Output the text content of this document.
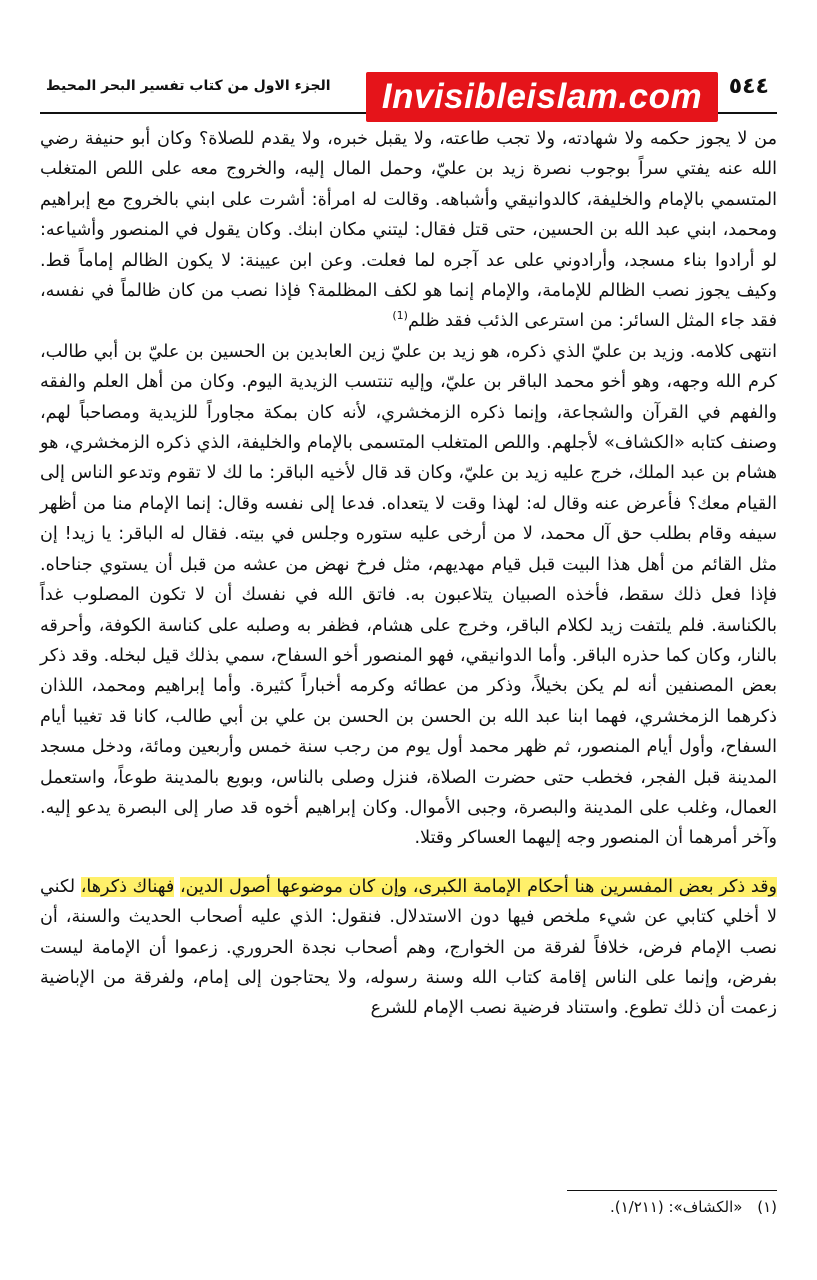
٥٤٤
الجزء الاول من كتاب تفسير البحر المحيط	Invisibleislam.com

من لا يجوز حكمه ولا شهادته، ولا تجب طاعته، ولا يقبل خبره، ولا يقدم للصلاة؟ وكان أبو حنيفة رضي الله عنه يفتي سراً بوجوب نصرة زيد بن عليّ، وحمل المال إليه، والخروج معه على اللص المتغلب المتسمي بالإمام والخليفة، كالدوانيقي وأشباهه. وقالت له امرأة: أشرت على ابني بالخروج مع إبراهيم ومحمد، ابني عبد الله بن الحسين، حتى قتل فقال: ليتني مكان ابنك. وكان يقول في المنصور وأشياعه: لو أرادوا بناء مسجد، وأرادوني على عد آجره لما فعلت. وعن ابن عيينة: لا يكون الظالم إماماً قط. وكيف يجوز نصب الظالم للإمامة، والإمام إنما هو لكف المظلمة؟ فإذا نصب من كان ظالماً في نفسه، فقد جاء المثل السائر: من استرعى الذئب فقد ظلم$^{(1)}$

انتهى كلامه. وزيد بن عليّ الذي ذكره، هو زيد بن عليّ زين العابدين بن الحسين بن عليّ بن أبي طالب، كرم الله وجهه، وهو أخو محمد الباقر بن عليّ، وإليه تنتسب الزيدية اليوم. وكان من أهل العلم والفقه والفهم في القرآن والشجاعة، وإنما ذكره الزمخشري، لأنه كان بمكة مجاوراً للزيدية ومصاحباً لهم، وصنف كتابه «الكشاف» لأجلهم. واللص المتغلب المتسمى بالإمام والخليفة، الذي ذكره الزمخشري، هو هشام بن عبد الملك، خرج عليه زيد بن عليّ، وكان قد قال لأخيه الباقر: ما لك لا تقوم وتدعو الناس إلى القيام معك؟ فأعرض عنه وقال له: لهذا وقت لا يتعداه. فدعا إلى نفسه وقال: إنما الإمام منا من أظهر سيفه وقام بطلب حق آل محمد، لا من أرخى عليه ستوره وجلس في بيته. فقال له الباقر: يا زيد! إن مثل القائم من أهل هذا البيت قبل قيام مهديهم، مثل فرخ نهض من عشه من قبل أن يستوي جناحاه. فإذا فعل ذلك سقط، فأخذه الصبيان يتلاعبون به. فاتق الله في نفسك أن لا تكون المصلوب غداً بالكناسة. فلم يلتفت زيد لكلام الباقر، وخرج على هشام، فظفر به وصلبه على كناسة الكوفة، وأحرقه بالنار، وكان كما حذره الباقر. وأما الدوانيقي، فهو المنصور أخو السفاح، سمي بذلك قيل لبخله. وقد ذكر بعض المصنفين أنه لم يكن بخيلاً، وذكر من عطائه وكرمه أخباراً كثيرة. وأما إبراهيم ومحمد، اللذان ذكرهما الزمخشري، فهما ابنا عبد الله بن الحسن بن الحسن بن علي بن أبي طالب، كانا قد تغيبا أيام السفاح، وأول أيام المنصور، ثم ظهر محمد أول يوم من رجب سنة خمس وأربعين ومائة، ودخل مسجد المدينة قبل الفجر، فخطب حتى حضرت الصلاة، فنزل وصلى بالناس، وبويع بالمدينة طوعاً، واستعمل العمال، وغلب على المدينة والبصرة، وجبى الأموال. وكان إبراهيم أخوه قد صار إلى البصرة يدعو إليه. وآخر أمرهما أن المنصور وجه إليهما العساكر وقتلا.

وقد ذكر بعض المفسرين هنا أحكام الإمامة الكبرى، وإن كان موضوعها أصول الدين، فهناك ذكرها، لكني لا أخلي كتابي عن شيء ملخص فيها دون الاستدلال. فنقول: الذي عليه أصحاب الحديث والسنة، أن نصب الإمام فرض، خلافاً لفرقة من الخوارج، وهم أصحاب نجدة الحروري. زعموا أن الإمامة ليست بفرض، وإنما على الناس إقامة كتاب الله وسنة رسوله، ولا يحتاجون إلى إمام، ولفرقة من الإباضية زعمت أن ذلك تطوع. واستناد فرضية نصب الإمام للشرع

(١) «الكشاف»: (١/٢١١).
